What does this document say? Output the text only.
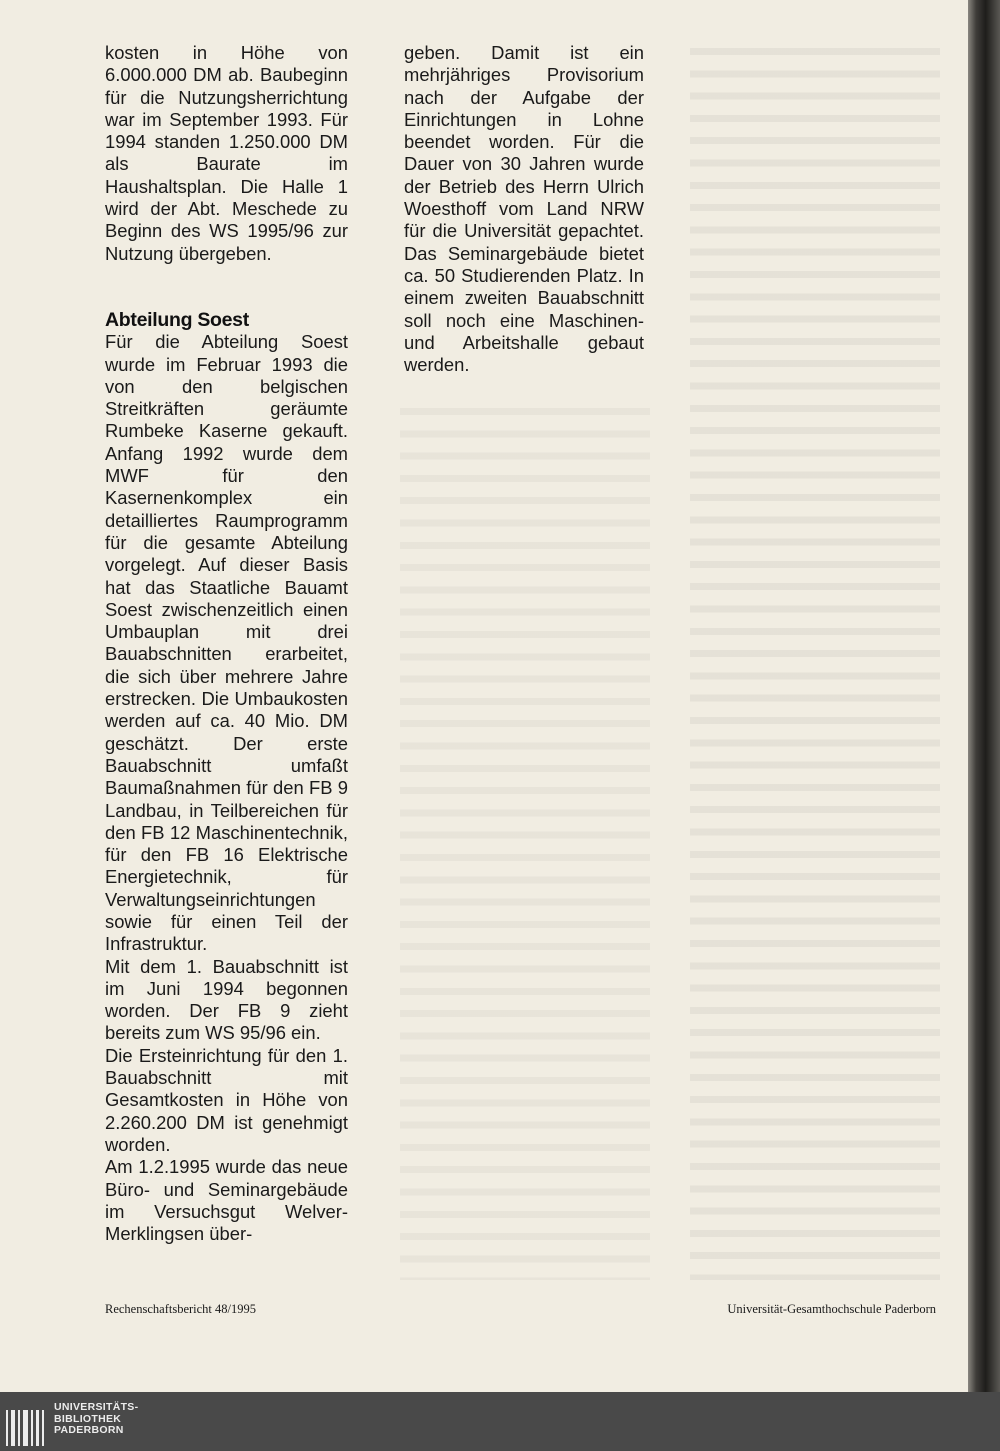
kosten in Höhe von 6.000.000 DM ab. Baubeginn für die Nutzungsherrichtung war im September 1993. Für 1994 standen 1.250.000 DM als Baurate im Haushaltsplan. Die Halle 1 wird der Abt. Meschede zu Beginn des WS 1995/96 zur Nutzung übergeben.

Abteilung Soest

Für die Abteilung Soest wurde im Februar 1993 die von den belgischen Streitkräften geräumte Rumbeke Kaserne gekauft. Anfang 1992 wurde dem MWF für den Kasernenkomplex ein detailliertes Raumprogramm für die gesamte Abteilung vorgelegt. Auf dieser Basis hat das Staatliche Bauamt Soest zwischenzeitlich einen Umbauplan mit drei Bauabschnitten erarbeitet, die sich über mehrere Jahre erstrecken. Die Umbaukosten werden auf ca. 40 Mio. DM geschätzt. Der erste Bauabschnitt umfaßt Baumaßnahmen für den FB 9 Landbau, in Teilbereichen für den FB 12 Maschinentechnik, für den FB 16 Elektrische Energietechnik, für Verwaltungseinrichtungen sowie für einen Teil der Infrastruktur.

Mit dem 1. Bauabschnitt ist im Juni 1994 begonnen worden. Der FB 9 zieht bereits zum WS 95/96 ein.

Die Ersteinrichtung für den 1. Bauabschnitt mit Gesamtkosten in Höhe von 2.260.200 DM ist genehmigt worden.

Am 1.2.1995 wurde das neue Büro- und Seminargebäude im Versuchsgut Welver-Merklingsen über-

geben. Damit ist ein mehrjähriges Provisorium nach der Aufgabe der Einrichtungen in Lohne beendet worden. Für die Dauer von 30 Jahren wurde der Betrieb des Herrn Ulrich Woesthoff vom Land NRW für die Universität gepachtet. Das Seminargebäude bietet ca. 50 Studierenden Platz. In einem zweiten Bauabschnitt soll noch eine Maschinen- und Arbeitshalle gebaut werden.

Rechenschaftsbericht 48/1995	Universität-Gesamthochschule Paderborn
UNIVERSITÄTS-
BIBLIOTHEK
PADERBORN
